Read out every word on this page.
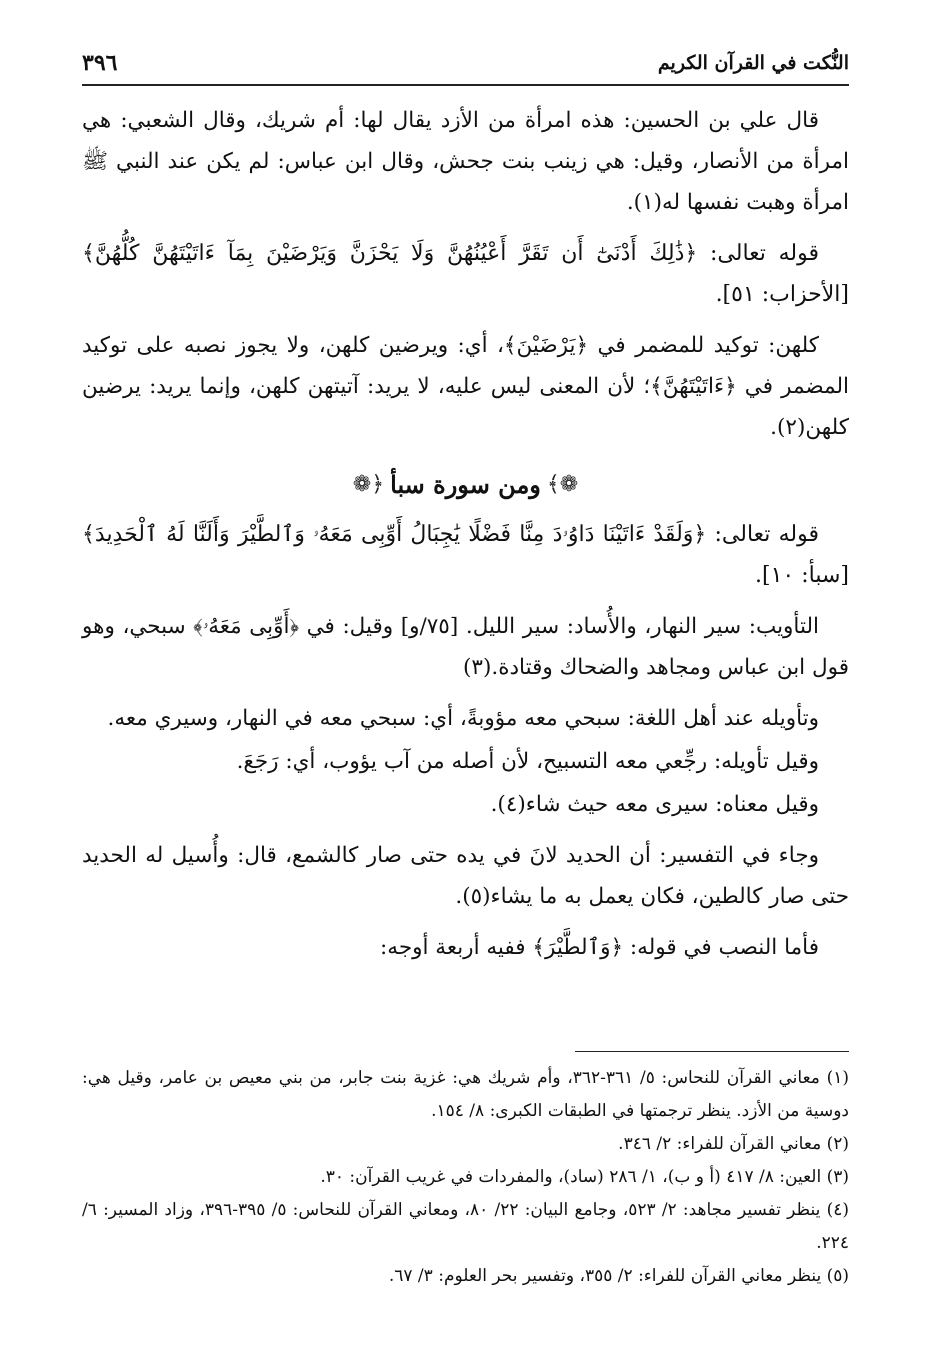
النُّكت في القرآن الكريم
٣٩٦

قال علي بن الحسين: هذه امرأة من الأزد يقال لها: أم شريك، وقال الشعبي: هي امرأة من الأنصار، وقيل: هي زينب بنت جحش، وقال ابن عباس: لم يكن عند النبي ﷺ امرأة وهبت نفسها له(١).

قوله تعالى: ﴿ذَٰلِكَ أَدْنَىٰٓ أَن تَقَرَّ أَعْيُنُهُنَّ وَلَا يَحْزَنَّ وَيَرْضَيْنَ بِمَآ ءَاتَيْتَهُنَّ كُلُّهُنَّ﴾ [الأحزاب: ٥١].

كلهن: توكيد للمضمر في ﴿يَرْضَيْنَ﴾، أي: ويرضين كلهن، ولا يجوز نصبه على توكيد المضمر في ﴿ءَاتَيْتَهُنَّ﴾؛ لأن المعنى ليس عليه، لا يريد: آتيتهن كلهن، وإنما يريد: يرضين كلهن(٢).

❁﴾
ومن سورة سبأ
﴿❁

قوله تعالى: ﴿وَلَقَدْ ءَاتَيْنَا دَاوُۥدَ مِنَّا فَضْلًا يَٰجِبَالُ أَوِّبِى مَعَهُۥ وَٱلطَّيْرَ وَأَلَنَّا لَهُ ٱلْحَدِيدَ﴾ [سبأ: ١٠].

التأويب: سير النهار، والأُساد: سير الليل. [٧٥/و] وقيل: في ﴿أَوِّبِى مَعَهُۥ﴾ سبحي، وهو قول ابن عباس ومجاهد والضحاك وقتادة.(٣)

وتأويله عند أهل اللغة: سبحي معه مؤوبةً، أي: سبحي معه في النهار، وسيري معه.

وقيل تأويله: رجِّعي معه التسبيح، لأن أصله من آب يؤوب، أي: رَجَعَ.

وقيل معناه: سيرى معه حيث شاء(٤).

وجاء في التفسير: أن الحديد لانَ في يده حتى صار كالشمع، قال: وأُسيل له الحديد حتى صار كالطين، فكان يعمل به ما يشاء(٥).

فأما النصب في قوله: ﴿وَٱلطَّيْرَ﴾ ففيه أربعة أوجه:

(١) معاني القرآن للنحاس: ٥/ ٣٦١-٣٦٢، وأم شريك هي: غزية بنت جابر، من بني معيص بن عامر، وقيل هي: دوسية من الأزد. ينظر ترجمتها في الطبقات الكبرى: ٨/ ١٥٤.

(٢) معاني القرآن للفراء: ٢/ ٣٤٦.

(٣) العين: ٨/ ٤١٧ (أ و ب)، ١/ ٢٨٦ (ساد)، والمفردات في غريب القرآن: ٣٠.

(٤) ينظر تفسير مجاهد: ٢/ ٥٢٣، وجامع البيان: ٢٢/ ٨٠، ومعاني القرآن للنحاس: ٥/ ٣٩٥-٣٩٦، وزاد المسير: ٦/ ٢٢٤.

(٥) ينظر معاني القرآن للفراء: ٢/ ٣٥٥، وتفسير بحر العلوم: ٣/ ٦٧.
